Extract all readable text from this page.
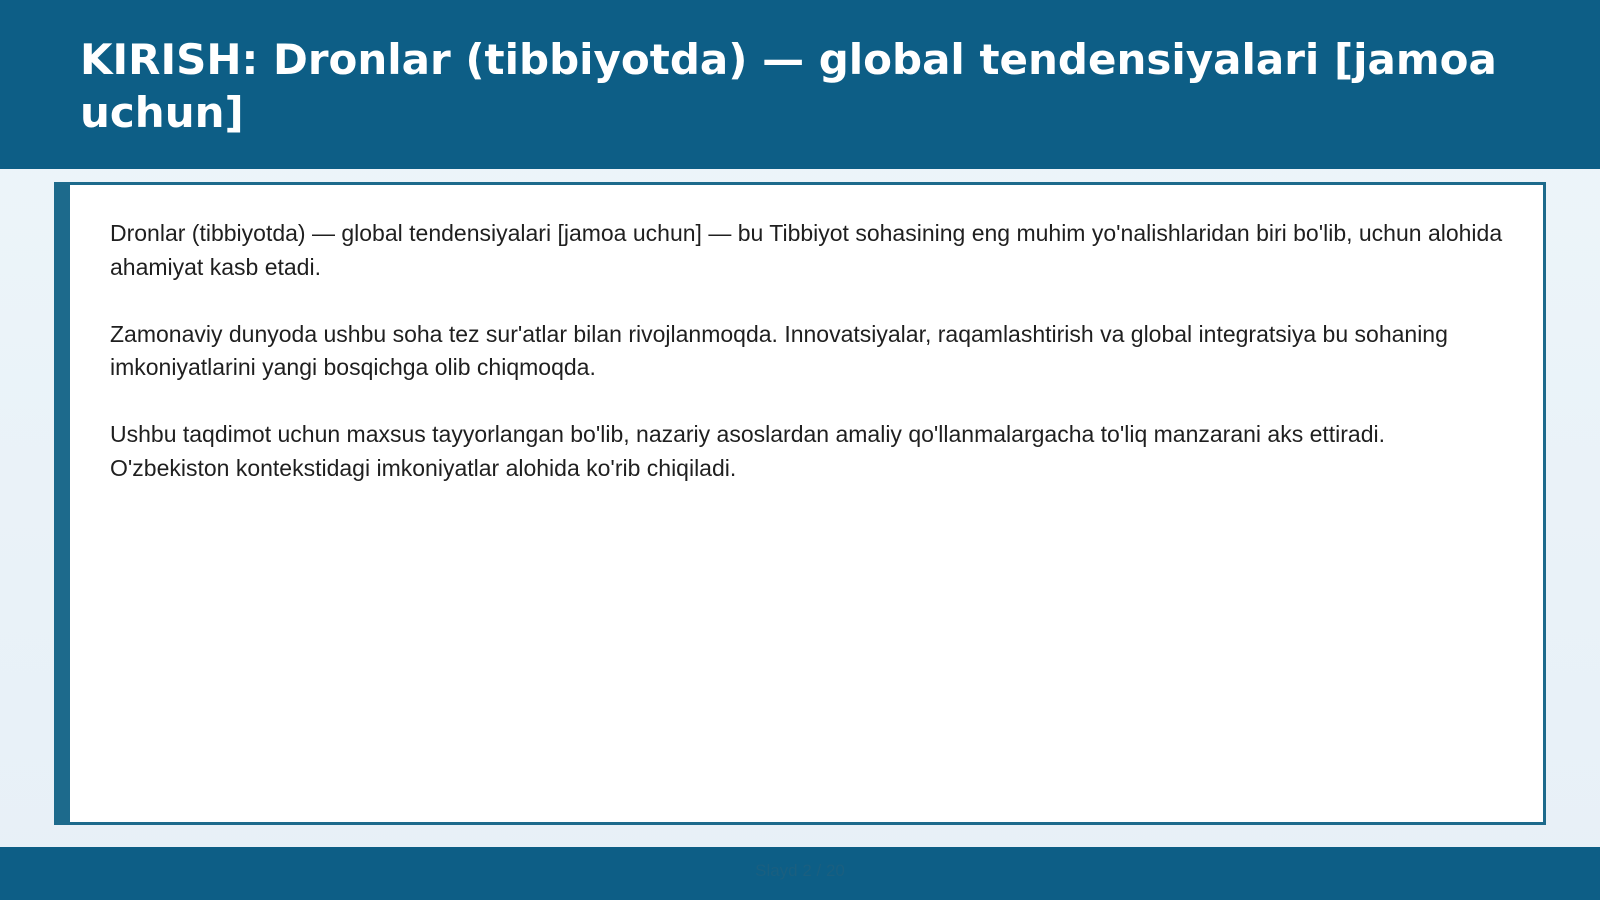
KIRISH: Dronlar (tibbiyotda) — global tendensiyalari [jamoa uchun]

Dronlar (tibbiyotda) — global tendensiyalari [jamoa uchun] — bu Tibbiyot sohasining eng muhim yo'nalishlaridan biri bo'lib, uchun alohida ahamiyat kasb etadi.

Zamonaviy dunyoda ushbu soha tez sur'atlar bilan rivojlanmoqda. Innovatsiyalar, raqamlashtirish va global integratsiya bu sohaning imkoniyatlarini yangi bosqichga olib chiqmoqda.

Ushbu taqdimot uchun maxsus tayyorlangan bo'lib, nazariy asoslardan amaliy qo'llanmalargacha to'liq manzarani aks ettiradi. O'zbekiston kontekstidagi imkoniyatlar alohida ko'rib chiqiladi.

Slayd 2 / 20
